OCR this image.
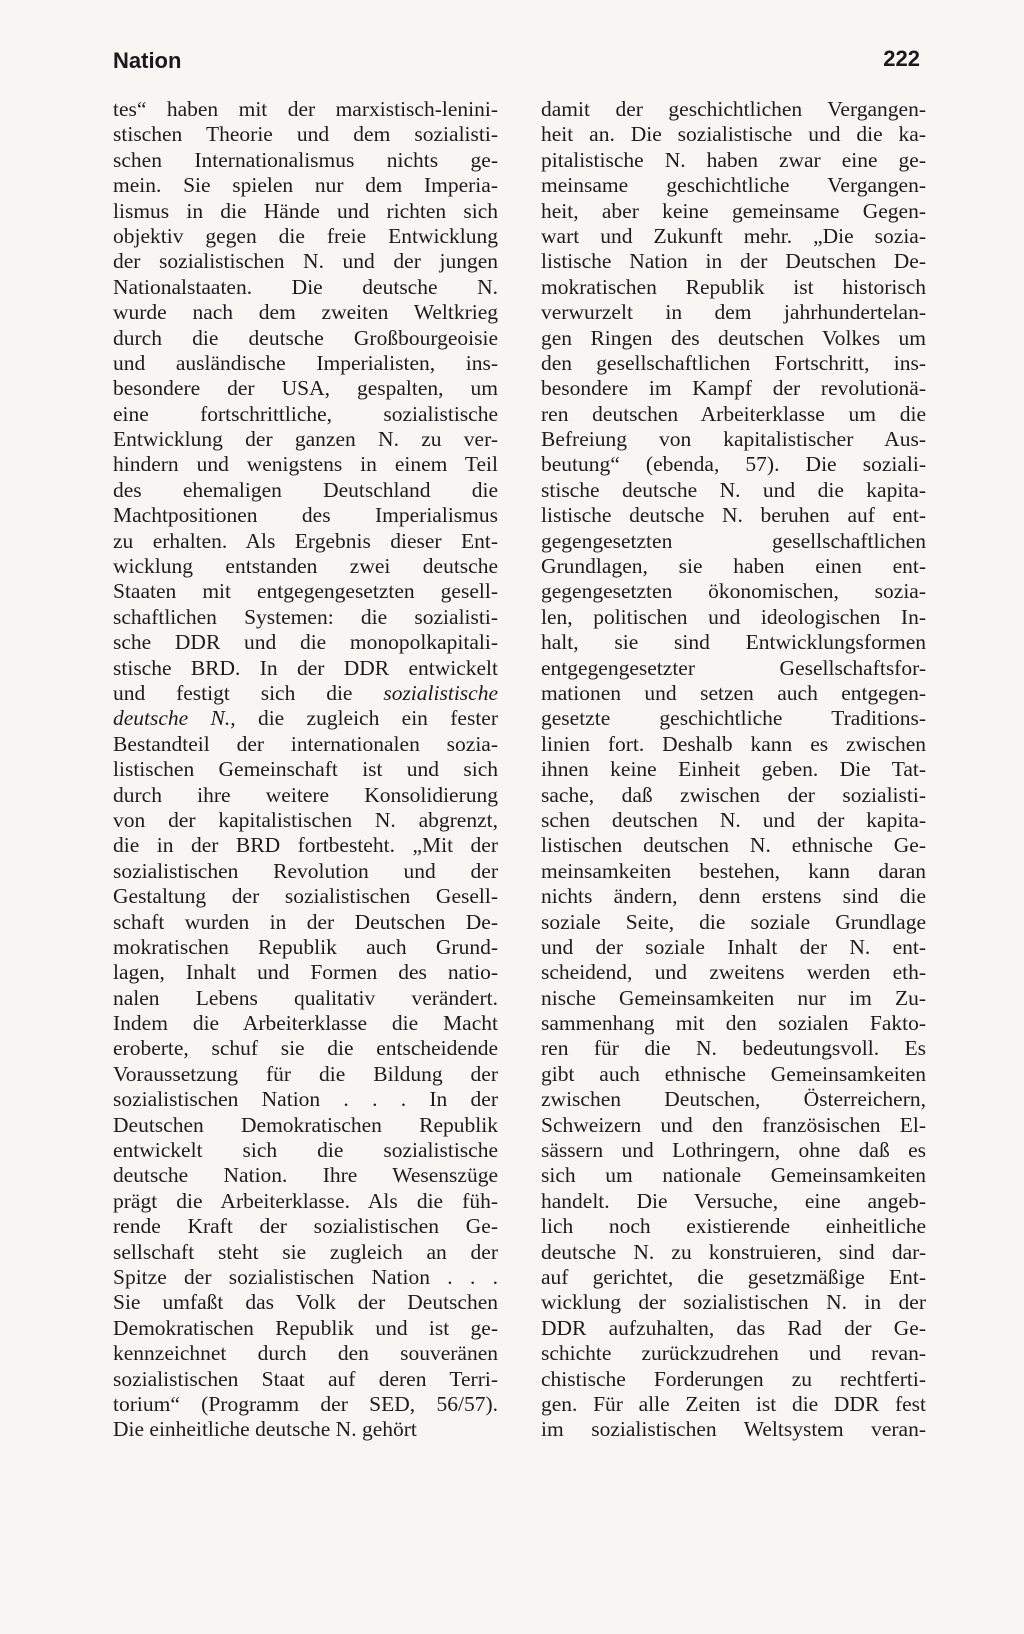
Nation	222
tes“ haben mit der marxistisch-lenini-
stischen Theorie und dem sozialisti-
schen Internationalismus nichts ge-
mein. Sie spielen nur dem Imperia-
lismus in die Hände und richten sich
objektiv gegen die freie Entwicklung
der sozialistischen N. und der jungen
Nationalstaaten. Die deutsche N.
wurde nach dem zweiten Weltkrieg
durch die deutsche Großbourgeoisie
und ausländische Imperialisten, ins-
besondere der USA, gespalten, um
eine fortschrittliche, sozialistische
Entwicklung der ganzen N. zu ver-
hindern und wenigstens in einem Teil
des ehemaligen Deutschland die
Machtpositionen des Imperialismus
zu erhalten. Als Ergebnis dieser Ent-
wicklung entstanden zwei deutsche
Staaten mit entgegengesetzten gesell-
schaftlichen Systemen: die sozialisti-
sche DDR und die monopolkapitali-
stische BRD. In der DDR entwickelt
und festigt sich die sozialistische
deutsche N., die zugleich ein fester
Bestandteil der internationalen sozia-
listischen Gemeinschaft ist und sich
durch ihre weitere Konsolidierung
von der kapitalistischen N. abgrenzt,
die in der BRD fortbesteht. „Mit der
sozialistischen Revolution und der
Gestaltung der sozialistischen Gesell-
schaft wurden in der Deutschen De-
mokratischen Republik auch Grund-
lagen, Inhalt und Formen des natio-
nalen Lebens qualitativ verändert.
Indem die Arbeiterklasse die Macht
eroberte, schuf sie die entscheidende
Voraussetzung für die Bildung der
sozialistischen Nation . . . In der
Deutschen Demokratischen Republik
entwickelt sich die sozialistische
deutsche Nation. Ihre Wesenszüge
prägt die Arbeiterklasse. Als die füh-
rende Kraft der sozialistischen Ge-
sellschaft steht sie zugleich an der
Spitze der sozialistischen Nation . . .
Sie umfaßt das Volk der Deutschen
Demokratischen Republik und ist ge-
kennzeichnet durch den souveränen
sozialistischen Staat auf deren Terri-
torium“ (Programm der SED, 56/57).
Die einheitliche deutsche N. gehört
damit der geschichtlichen Vergangen-
heit an. Die sozialistische und die ka-
pitalistische N. haben zwar eine ge-
meinsame geschichtliche Vergangen-
heit, aber keine gemeinsame Gegen-
wart und Zukunft mehr. „Die sozia-
listische Nation in der Deutschen De-
mokratischen Republik ist historisch
verwurzelt in dem jahrhundertelan-
gen Ringen des deutschen Volkes um
den gesellschaftlichen Fortschritt, ins-
besondere im Kampf der revolutionä-
ren deutschen Arbeiterklasse um die
Befreiung von kapitalistischer Aus-
beutung“ (ebenda, 57). Die soziali-
stische deutsche N. und die kapita-
listische deutsche N. beruhen auf ent-
gegengesetzten gesellschaftlichen
Grundlagen, sie haben einen ent-
gegengesetzten ökonomischen, sozia-
len, politischen und ideologischen In-
halt, sie sind Entwicklungsformen
entgegengesetzter Gesellschaftsfor-
mationen und setzen auch entgegen-
gesetzte geschichtliche Traditions-
linien fort. Deshalb kann es zwischen
ihnen keine Einheit geben. Die Tat-
sache, daß zwischen der sozialisti-
schen deutschen N. und der kapita-
listischen deutschen N. ethnische Ge-
meinsamkeiten bestehen, kann daran
nichts ändern, denn erstens sind die
soziale Seite, die soziale Grundlage
und der soziale Inhalt der N. ent-
scheidend, und zweitens werden eth-
nische Gemeinsamkeiten nur im Zu-
sammenhang mit den sozialen Fakto-
ren für die N. bedeutungsvoll. Es
gibt auch ethnische Gemeinsamkeiten
zwischen Deutschen, Österreichern,
Schweizern und den französischen El-
sässern und Lothringern, ohne daß es
sich um nationale Gemeinsamkeiten
handelt. Die Versuche, eine angeb-
lich noch existierende einheitliche
deutsche N. zu konstruieren, sind dar-
auf gerichtet, die gesetzmäßige Ent-
wicklung der sozialistischen N. in der
DDR aufzuhalten, das Rad der Ge-
schichte zurückzudrehen und revan-
chistische Forderungen zu rechtferti-
gen. Für alle Zeiten ist die DDR fest
im sozialistischen Weltsystem veran-
